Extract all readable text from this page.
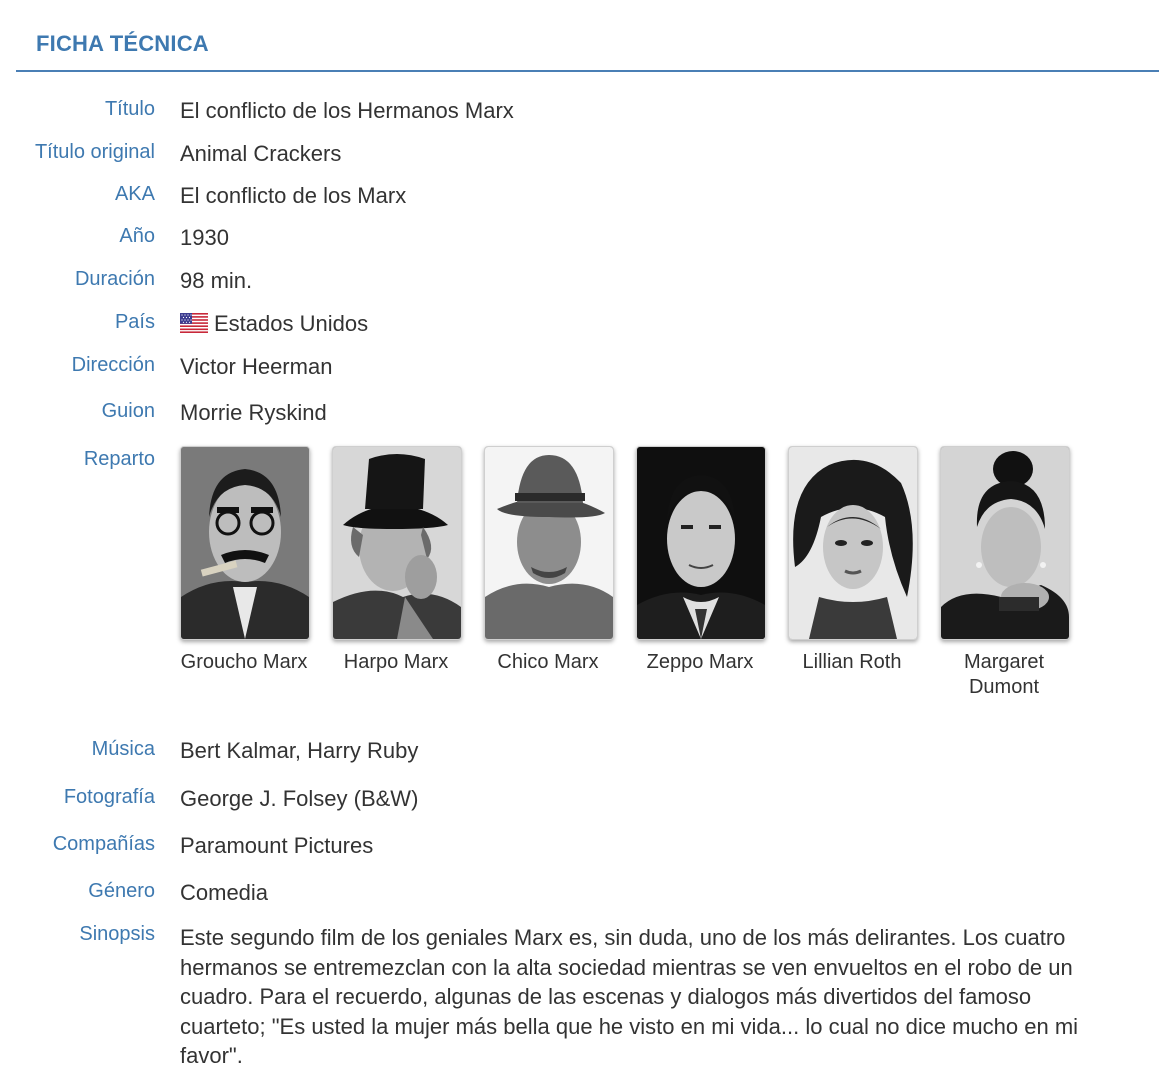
FICHA TÉCNICA
Título El conflicto de los Hermanos Marx
Título original Animal Crackers
AKA El conflicto de los Marx
Año 1930
Duración 98 min.
País	Estados Unidos
Dirección Victor Heerman
Guion Morrie Ryskind
Reparto
Groucho Marx	Harpo Marx	Chico Marx	Zeppo Marx	Lillian Roth	Margaret Dumont
Música Bert Kalmar, Harry Ruby
Fotografía George J. Folsey (B&W)
Compañías Paramount Pictures
Género Comedia
Sinopsis Este segundo film de los geniales Marx es, sin duda, uno de los más delirantes. Los cuatro hermanos se entremezclan con la alta sociedad mientras se ven envueltos en el robo de un cuadro. Para el recuerdo, algunas de las escenas y dialogos más divertidos del famoso cuarteto; "Es usted la mujer más bella que he visto en mi vida... lo cual no dice mucho en mi favor".
